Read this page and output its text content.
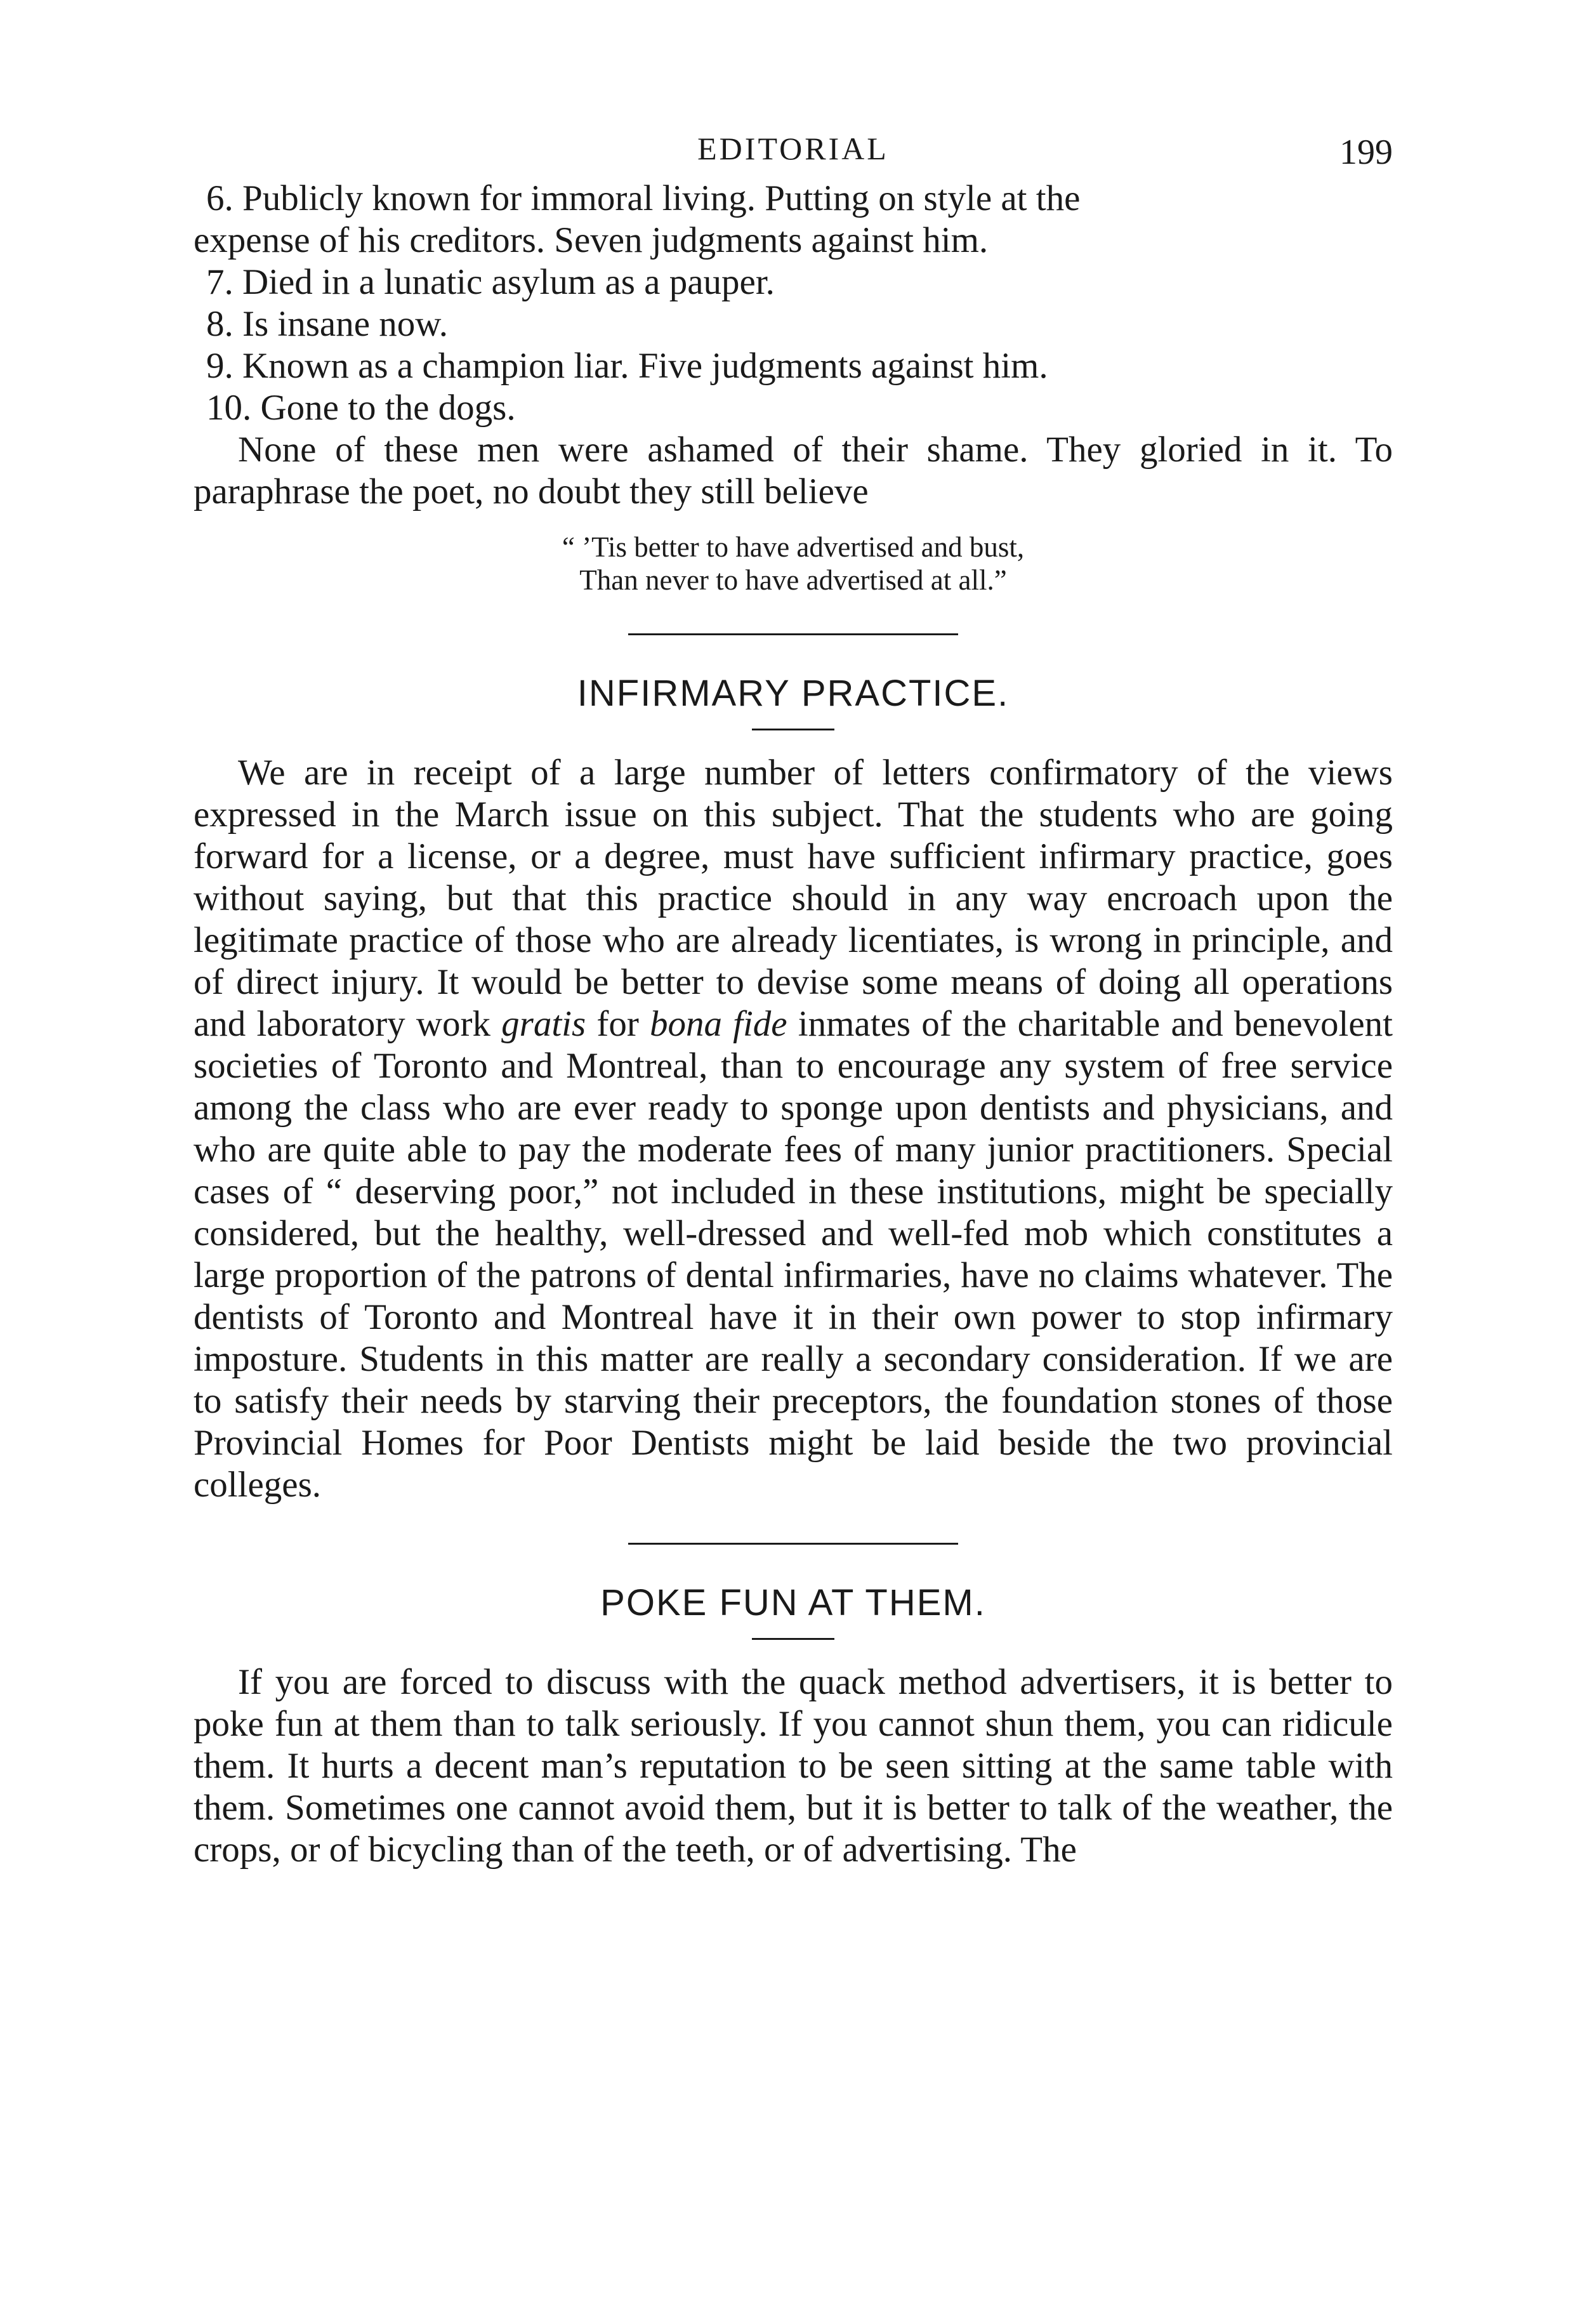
EDITORIAL	199

6. Publicly known for immoral living. Putting on style at the

expense of his creditors. Seven judgments against him.

7. Died in a lunatic asylum as a pauper.

8. Is insane now.

9. Known as a champion liar. Five judgments against him.

10. Gone to the dogs.

None of these men were ashamed of their shame. They gloried in it. To paraphrase the poet, no doubt they still believe

“ ’Tis better to have advertised and bust,
Than never to have advertised at all.”
INFIRMARY PRACTICE.

We are in receipt of a large number of letters confirmatory of the views expressed in the March issue on this subject. That the students who are going forward for a license, or a degree, must have sufficient infirmary practice, goes without saying, but that this practice should in any way encroach upon the legitimate practice of those who are already licentiates, is wrong in principle, and of direct injury. It would be better to devise some means of doing all operations and laboratory work gratis for bona fide inmates of the charitable and benevolent societies of Toronto and Montreal, than to encourage any system of free service among the class who are ever ready to sponge upon dentists and physicians, and who are quite able to pay the moderate fees of many junior practitioners. Special cases of “ deserving poor,” not included in these institutions, might be specially considered, but the healthy, well-dressed and well-fed mob which constitutes a large proportion of the patrons of dental infirmaries, have no claims whatever. The dentists of Toronto and Montreal have it in their own power to stop infirmary imposture. Students in this matter are really a secondary consideration. If we are to satisfy their needs by starving their preceptors, the foundation stones of those Provincial Homes for Poor Dentists might be laid beside the two provincial colleges.

POKE FUN AT THEM.

If you are forced to discuss with the quack method advertisers, it is better to poke fun at them than to talk seriously. If you cannot shun them, you can ridicule them. It hurts a decent man’s reputation to be seen sitting at the same table with them. Sometimes one cannot avoid them, but it is better to talk of the weather, the crops, or of bicycling than of the teeth, or of advertising. The
